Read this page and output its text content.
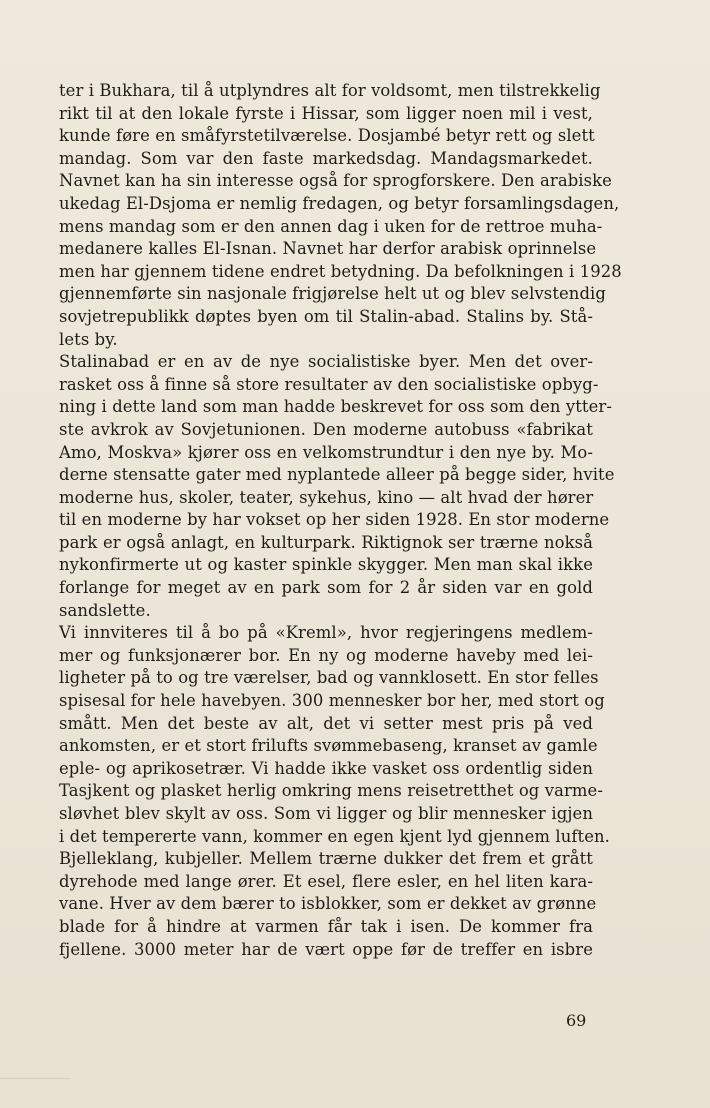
ter i Bukhara, til å utplyndres alt for voldsomt, men tilstrekkelig
rikt til at den lokale fyrste i Hissar, som ligger noen mil i vest,
kunde føre en småfyrstetilværelse. Dosjambé betyr rett og slett
mandag. Som var den faste markedsdag. Mandagsmarkedet.
Navnet kan ha sin interesse også for sprogforskere. Den arabiske
ukedag El-Dsjoma er nemlig fredagen, og betyr forsamlingsdagen,
mens mandag som er den annen dag i uken for de rettroe muha-
medanere kalles El-Isnan. Navnet har derfor arabisk oprinnelse
men har gjennem tidene endret betydning. Da befolkningen i 1928
gjennemførte sin nasjonale frigjørelse helt ut og blev selvstendig
sovjetrepublikk døptes byen om til Stalin-abad. Stalins by. Stå-
lets by.
Stalinabad er en av de nye socialistiske byer. Men det over-
rasket oss å finne så store resultater av den socialistiske opbyg-
ning i dette land som man hadde beskrevet for oss som den ytter-
ste avkrok av Sovjetunionen. Den moderne autobuss «fabrikat
Amo, Moskva» kjører oss en velkomstrundtur i den nye by. Mo-
derne stensatte gater med nyplantede alleer på begge sider, hvite
moderne hus, skoler, teater, sykehus, kino — alt hvad der hører
til en moderne by har vokset op her siden 1928. En stor moderne
park er også anlagt, en kulturpark. Riktignok ser trærne nokså
nykonfirmerte ut og kaster spinkle skygger. Men man skal ikke
forlange for meget av en park som for 2 år siden var en gold
sandslette.
Vi innviteres til å bo på «Kreml», hvor regjeringens medlem-
mer og funksjonærer bor. En ny og moderne haveby med lei-
ligheter på to og tre værelser, bad og vannklosett. En stor felles
spisesal for hele havebyen. 300 mennesker bor her, med stort og
smått. Men det beste av alt, det vi setter mest pris på ved
ankomsten, er et stort frilufts svømmebaseng, kranset av gamle
eple- og aprikosetrær. Vi hadde ikke vasket oss ordentlig siden
Tasjkent og plasket herlig omkring mens reisetretthet og varme-
sløvhet blev skylt av oss. Som vi ligger og blir mennesker igjen
i det tempererte vann, kommer en egen kjent lyd gjennem luften.
Bjelleklang, kubjeller. Mellem trærne dukker det frem et grått
dyrehode med lange ører. Et esel, flere esler, en hel liten kara-
vane. Hver av dem bærer to isblokker, som er dekket av grønne
blade for å hindre at varmen får tak i isen. De kommer fra
fjellene. 3000 meter har de vært oppe før de treffer en isbre
69
